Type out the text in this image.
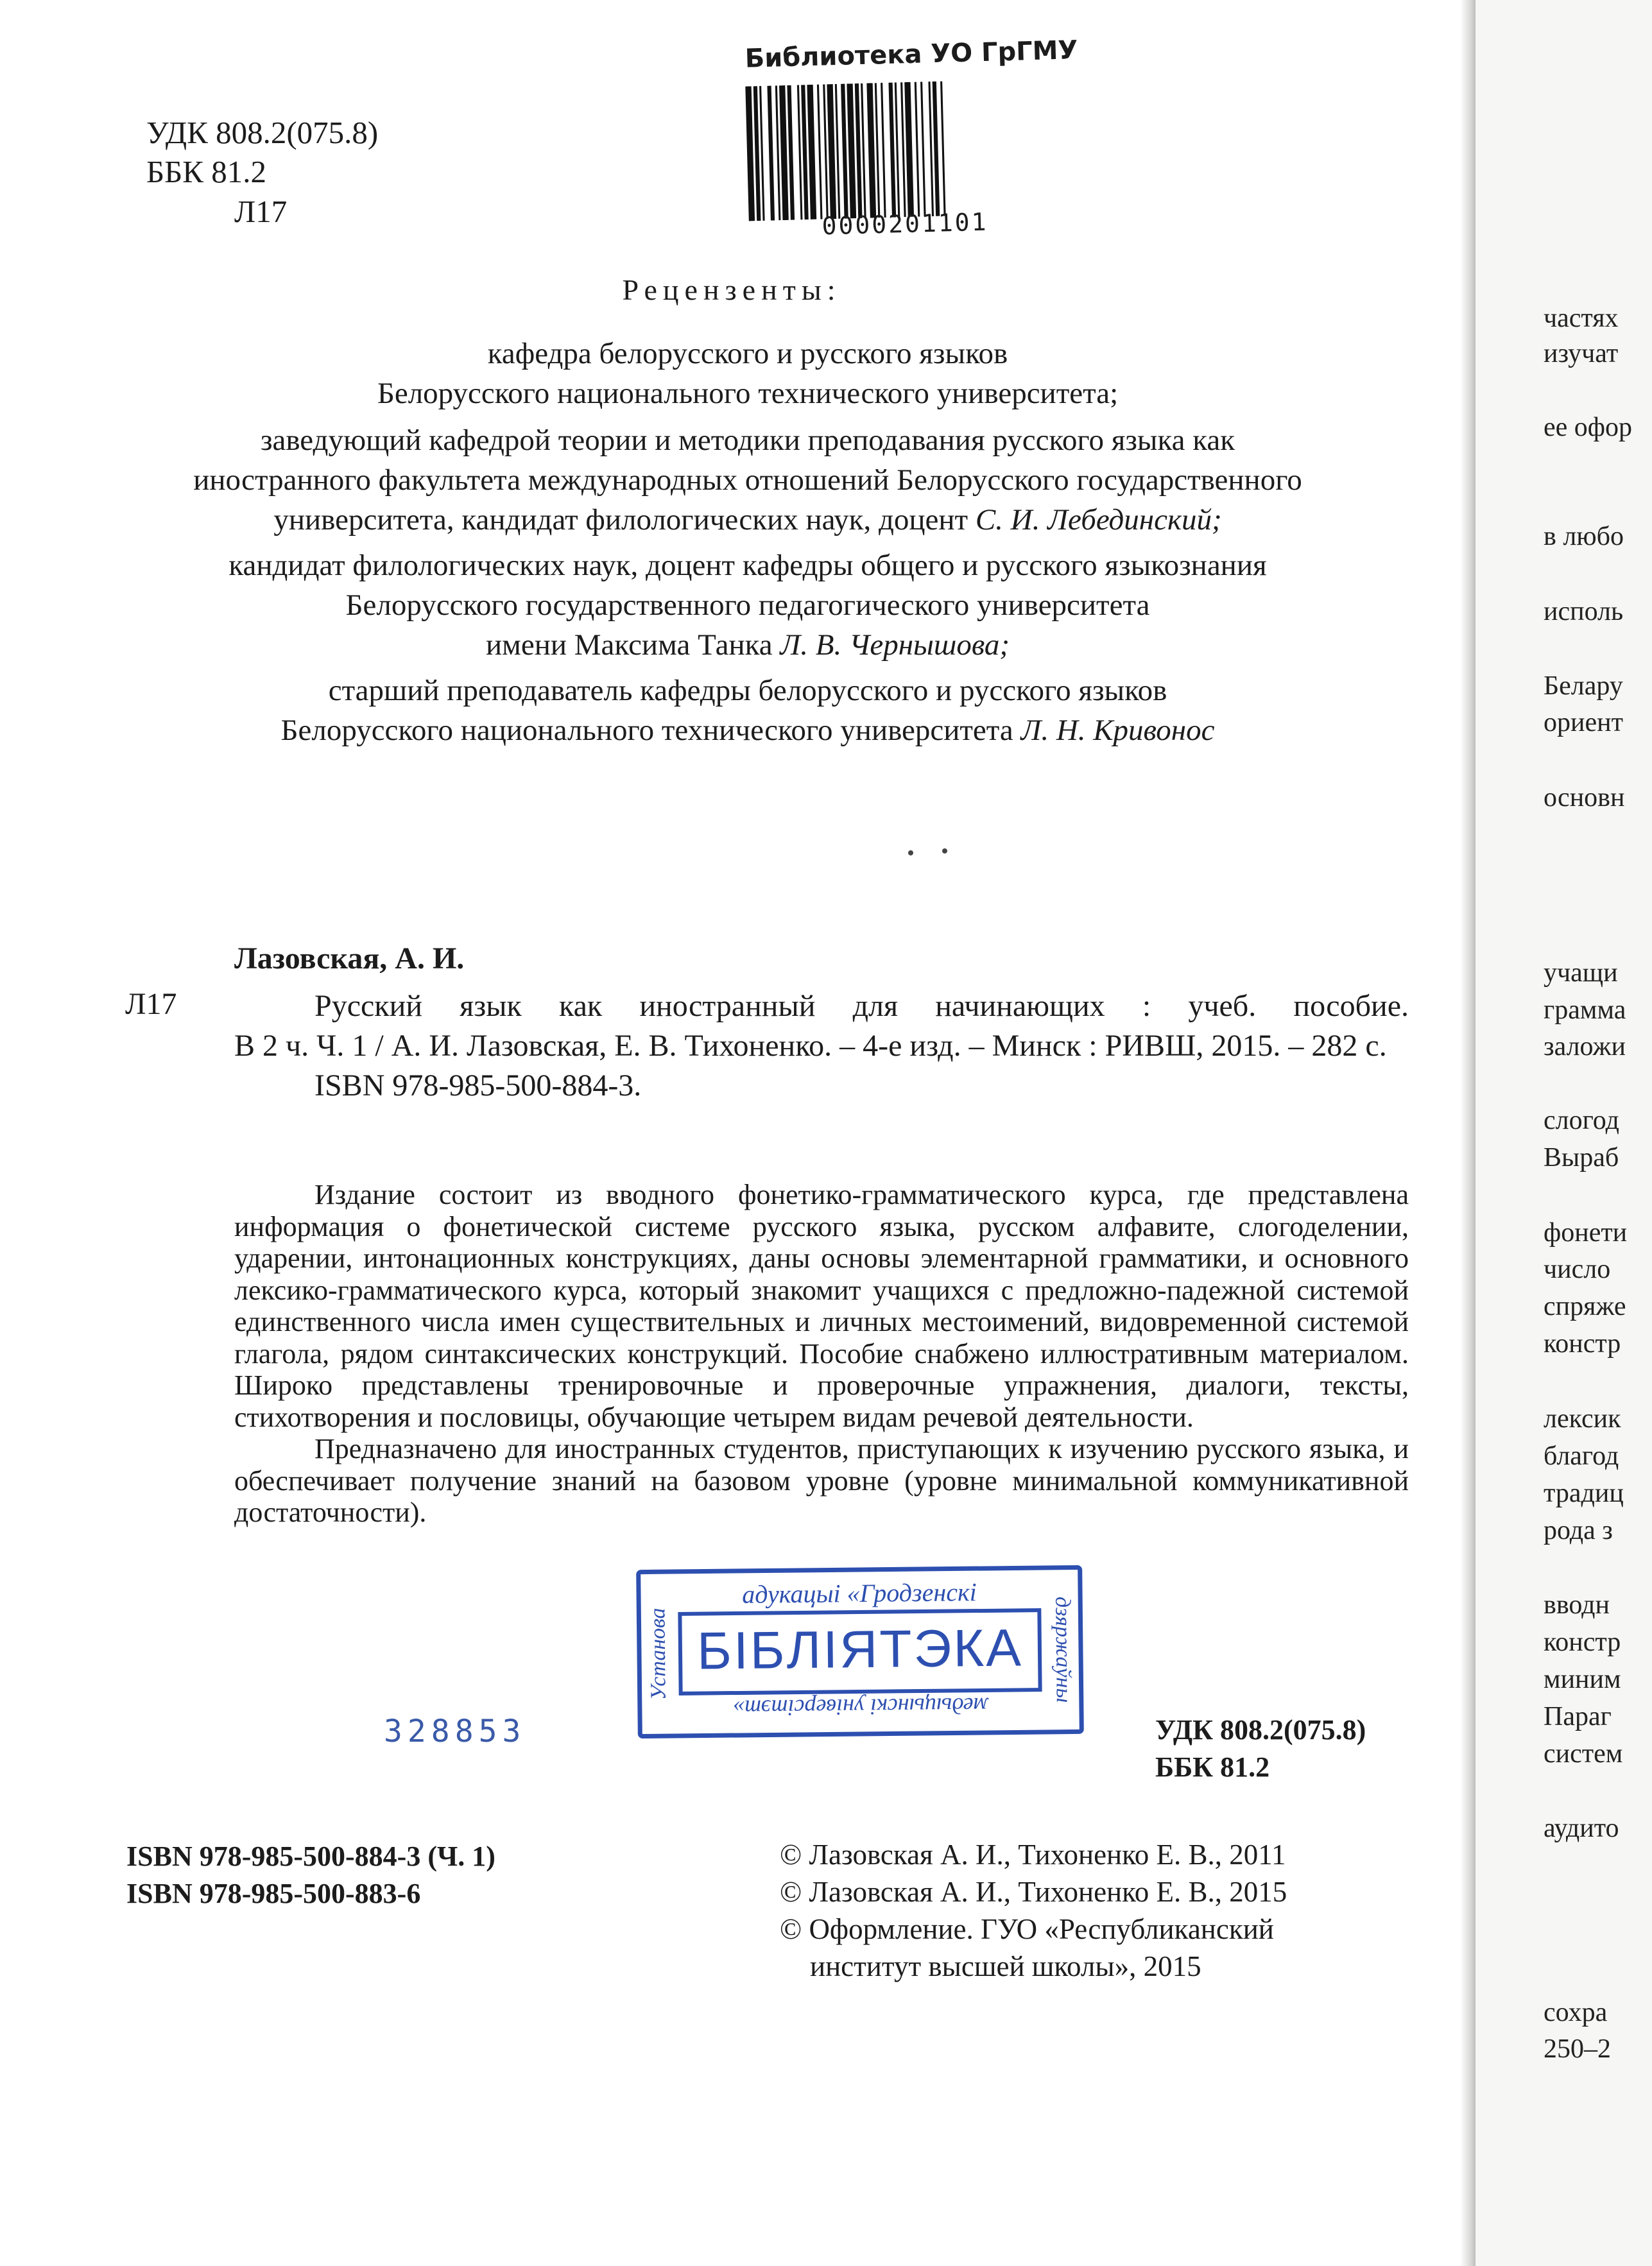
частях
изучат
ее офор
в любо
исполь
Белару
ориент
основн
учащи
грамма
заложи
слогод
Выраб
фонети
число
спряже
констр
лексик
благод
традиц
рода з
вводн
констр
миним
Параг
систем
аудито
сохра
250–2
УДК 808.2(075.8)
ББК 81.2
Л17
Библиотека УО ГрГМУ
0000201101
Рецензенты:
кафедра белорусского и русского языков
Белорусского национального технического университета;
заведующий кафедрой теории и методики преподавания русского языка как
иностранного факультета международных отношений Белорусского государственного
университета, кандидат филологических наук, доцент С. И. Лебединский;
кандидат филологических наук, доцент кафедры общего и русского языкознания
Белорусского государственного педагогического университета
имени Максима Танка Л. В. Чернышова;
старший преподаватель кафедры белорусского и русского языков
Белорусского национального технического университета Л. Н. Кривонос
Лазовская, А. И.
Л17	Русский язык как иностранный для начинающих : учеб. пособие.

В 2 ч. Ч. 1 / А. И. Лазовская, Е. В. Тихоненко. – 4-е изд. – Минск : РИВШ, 2015. – 282 с.

ISBN 978-985-500-884-3.

Издание состоит из вводного фонетико-грамматического курса, где представлена информация о фонетической системе русского языка, русском алфавите, слогоделении, ударении, интонационных конструкциях, даны основы элементарной грамматики, и основного лексико-грамматического курса, который знакомит учащихся с предложно-падежной системой единственного числа имен существительных и личных местоимений, видовременной системой глагола, рядом синтаксических конструкций. Пособие снабжено иллюстративным материалом. Широко представлены тренировочные и проверочные упражнения, диалоги, тексты, стихотворения и пословицы, обучающие четырем видам речевой деятельности.

Предназначено для иностранных студентов, приступающих к изучению русского языка, и обеспечивает получение знаний на базовом уровне (уровне минимальной коммуникативной достаточности).

328853
адукацыі «Гродзенскі
БІБЛІЯТЭКА
медыцынскі універсітэт»
Установа	дзяржаўны
УДК 808.2(075.8)
ББК 81.2
ISBN 978-985-500-884-3 (Ч. 1)
ISBN 978-985-500-883-6
© Лазовская А. И., Тихоненко Е. В., 2011
© Лазовская А. И., Тихоненко Е. В., 2015
© Оформление. ГУО «Республиканский
институт высшей школы», 2015
